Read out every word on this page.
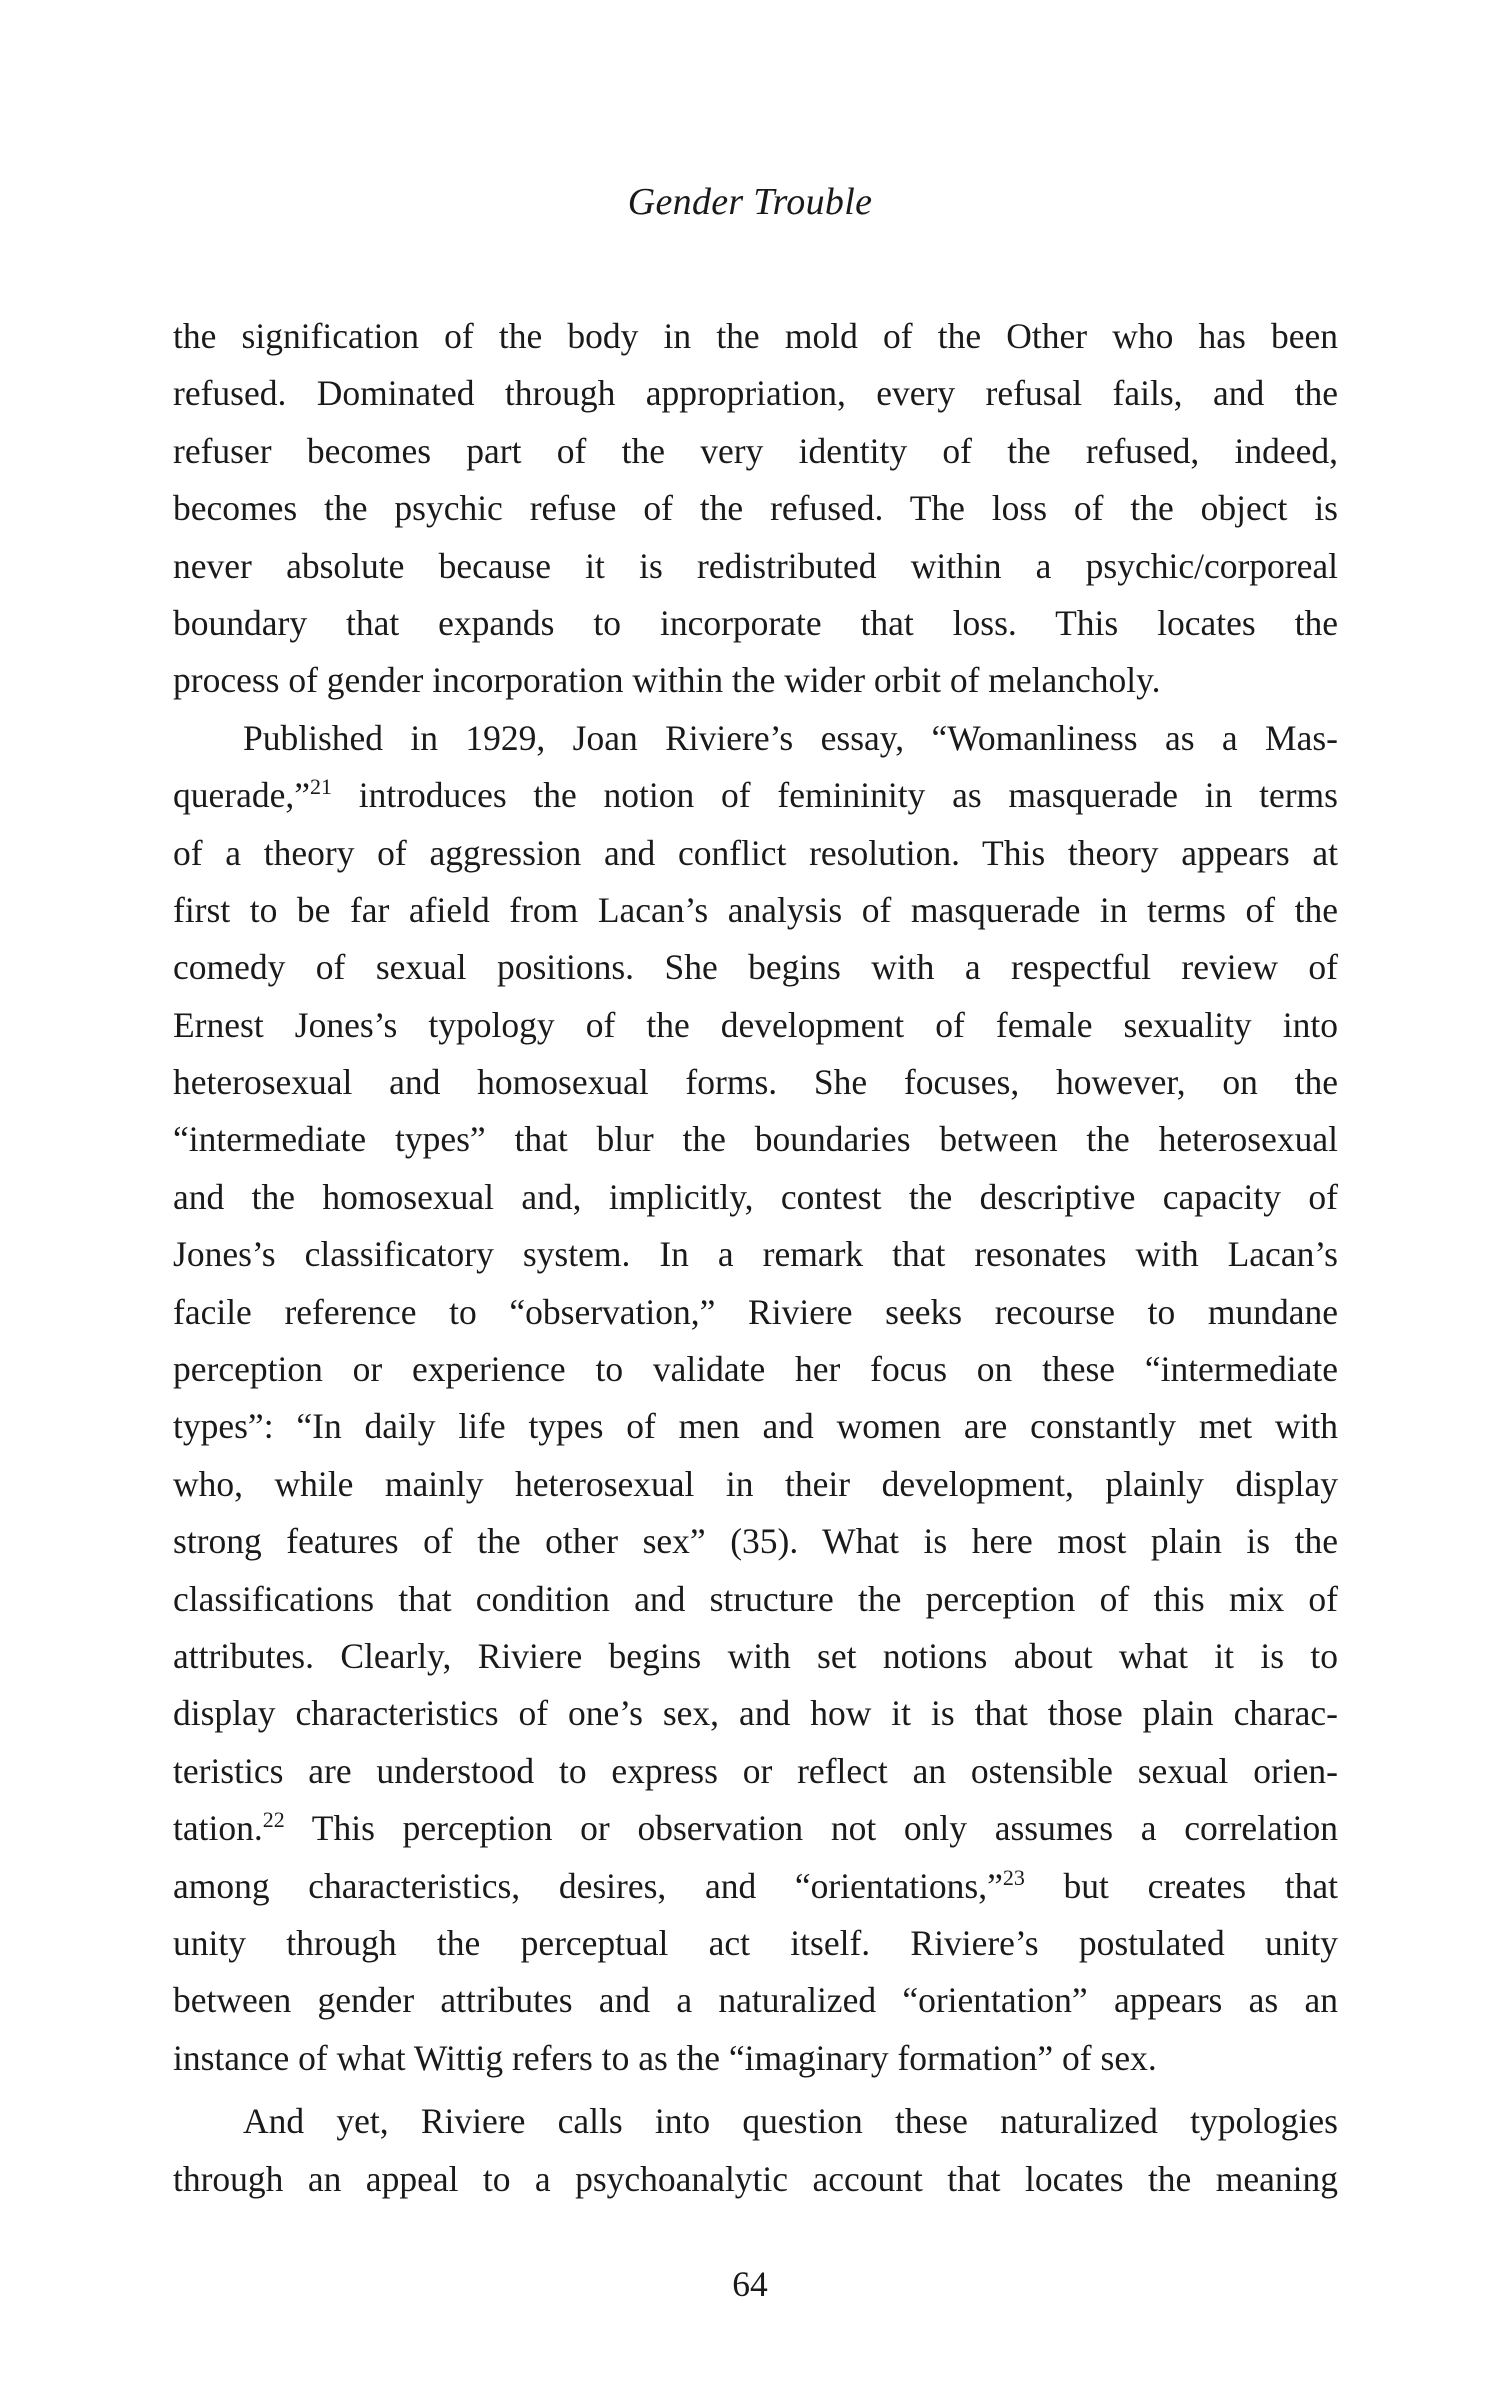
Gender Trouble
the signification of the body in the mold of the Other who has been
refused. Dominated through appropriation, every refusal fails, and the
refuser becomes part of the very identity of the refused, indeed,
becomes the psychic refuse of the refused. The loss of the object is
never absolute because it is redistributed within a psychic/corporeal
boundary that expands to incorporate that loss. This locates the
process of gender incorporation within the wider orbit of melancholy.
Published in 1929, Joan Riviere’s essay, “Womanliness as a Mas-
querade,”$^{21}$ introduces the notion of femininity as masquerade in terms
of a theory of aggression and conflict resolution. This theory appears at
first to be far afield from Lacan’s analysis of masquerade in terms of the
comedy of sexual positions. She begins with a respectful review of
Ernest Jones’s typology of the development of female sexuality into
heterosexual and homosexual forms. She focuses, however, on the
“intermediate types” that blur the boundaries between the heterosexual
and the homosexual and, implicitly, contest the descriptive capacity of
Jones’s classificatory system. In a remark that resonates with Lacan’s
facile reference to “observation,” Riviere seeks recourse to mundane
perception or experience to validate her focus on these “intermediate
types”: “In daily life types of men and women are constantly met with
who, while mainly heterosexual in their development, plainly display
strong features of the other sex” (35). What is here most plain is the
classifications that condition and structure the perception of this mix of
attributes. Clearly, Riviere begins with set notions about what it is to
display characteristics of one’s sex, and how it is that those plain charac-
teristics are understood to express or reflect an ostensible sexual orien-
tation.$^{22}$ This perception or observation not only assumes a correlation
among characteristics, desires, and “orientations,”$^{23}$ but creates that
unity through the perceptual act itself. Riviere’s postulated unity
between gender attributes and a naturalized “orientation” appears as an
instance of what Wittig refers to as the “imaginary formation” of sex.
And yet, Riviere calls into question these naturalized typologies
through an appeal to a psychoanalytic account that locates the meaning
64
